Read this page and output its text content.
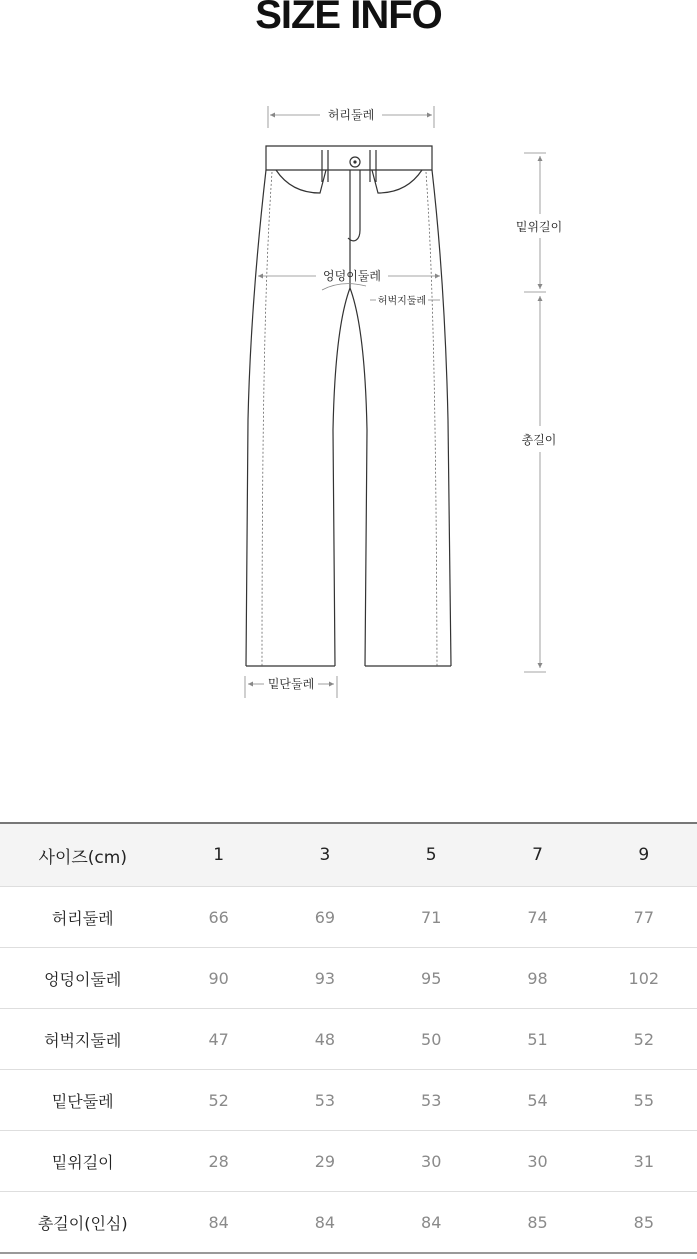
SIZE INFO
허리둘레
엉덩이둘레
허벅지둘레
밑단둘레
밑위길이
총길이
사이즈(cm)	1	3	5	7	9
허리둘레	66	69	71	74	77
엉덩이둘레	90	93	95	98	102
허벅지둘레	47	48	50	51	52
밑단둘레	52	53	53	54	55
밑위길이	28	29	30	30	31
총길이(인심)	84	84	84	85	85
